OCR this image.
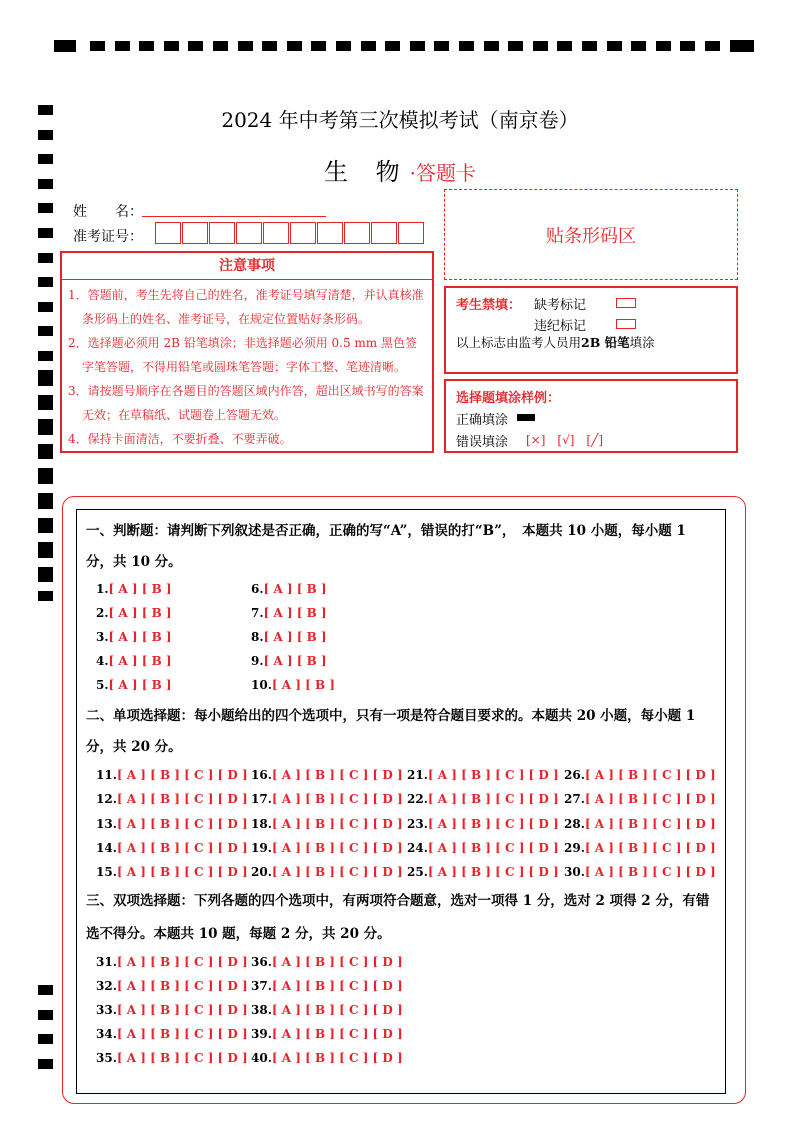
2024 年中考第三次模拟考试（南京卷）
生 物·答题卡
姓　　名：
准考证号：
注意事项
1．答题前，考生先将自己的姓名，准考证号填写清楚，并认真核准条形码上的姓名、准考证号，在规定位置贴好条形码。
2．选择题必须用 2B 铅笔填涂；非选择题必须用 0.5 mm 黑色签字笔答题，不得用铅笔或圆珠笔答题；字体工整、笔迹清晰。
3．请按题号顺序在各题目的答题区域内作答，超出区域书写的答案无效；在草稿纸、试题卷上答题无效。
4．保持卡面清洁，不要折叠、不要弄破。
贴条形码区
考生禁填： 缺考标记
违纪标记
以上标志由监考人员用2B 铅笔填涂
选择题填涂样例：
正确填涂
错误填涂 [×]　[√]　[╱]
一、判断题：请判断下列叙述是否正确，正确的写“A”，错误的打“B”，　本题共 10 小题，每小题 1
分，共 10 分。
1.[ A ] [ B ]
2.[ A ] [ B ]
3.[ A ] [ B ]
4.[ A ] [ B ]
5.[ A ] [ B ]
6.[ A ] [ B ]
7.[ A ] [ B ]
8.[ A ] [ B ]
9.[ A ] [ B ]
10.[ A ] [ B ]
二、单项选择题：每小题给出的四个选项中，只有一项是符合题目要求的。本题共 20 小题，每小题 1
分，共 20 分。
11.[ A ] [ B ] [ C ] [ D ]
12.[ A ] [ B ] [ C ] [ D ]
13.[ A ] [ B ] [ C ] [ D ]
14.[ A ] [ B ] [ C ] [ D ]
15.[ A ] [ B ] [ C ] [ D ]
16.[ A ] [ B ] [ C ] [ D ]
17.[ A ] [ B ] [ C ] [ D ]
18.[ A ] [ B ] [ C ] [ D ]
19.[ A ] [ B ] [ C ] [ D ]
20.[ A ] [ B ] [ C ] [ D ]
21.[ A ] [ B ] [ C ] [ D ]
22.[ A ] [ B ] [ C ] [ D ]
23.[ A ] [ B ] [ C ] [ D ]
24.[ A ] [ B ] [ C ] [ D ]
25.[ A ] [ B ] [ C ] [ D ]
26.[ A ] [ B ] [ C ] [ D ]
27.[ A ] [ B ] [ C ] [ D ]
28.[ A ] [ B ] [ C ] [ D ]
29.[ A ] [ B ] [ C ] [ D ]
30.[ A ] [ B ] [ C ] [ D ]
三、双项选择题：下列各题的四个选项中，有两项符合题意，选对一项得 1 分，选对 2 项得 2 分，有错
选不得分。本题共 10 题，每题 2 分，共 20 分。
31.[ A ] [ B ] [ C ] [ D ]
32.[ A ] [ B ] [ C ] [ D ]
33.[ A ] [ B ] [ C ] [ D ]
34.[ A ] [ B ] [ C ] [ D ]
35.[ A ] [ B ] [ C ] [ D ]
36.[ A ] [ B ] [ C ] [ D ]
37.[ A ] [ B ] [ C ] [ D ]
38.[ A ] [ B ] [ C ] [ D ]
39.[ A ] [ B ] [ C ] [ D ]
40.[ A ] [ B ] [ C ] [ D ]
